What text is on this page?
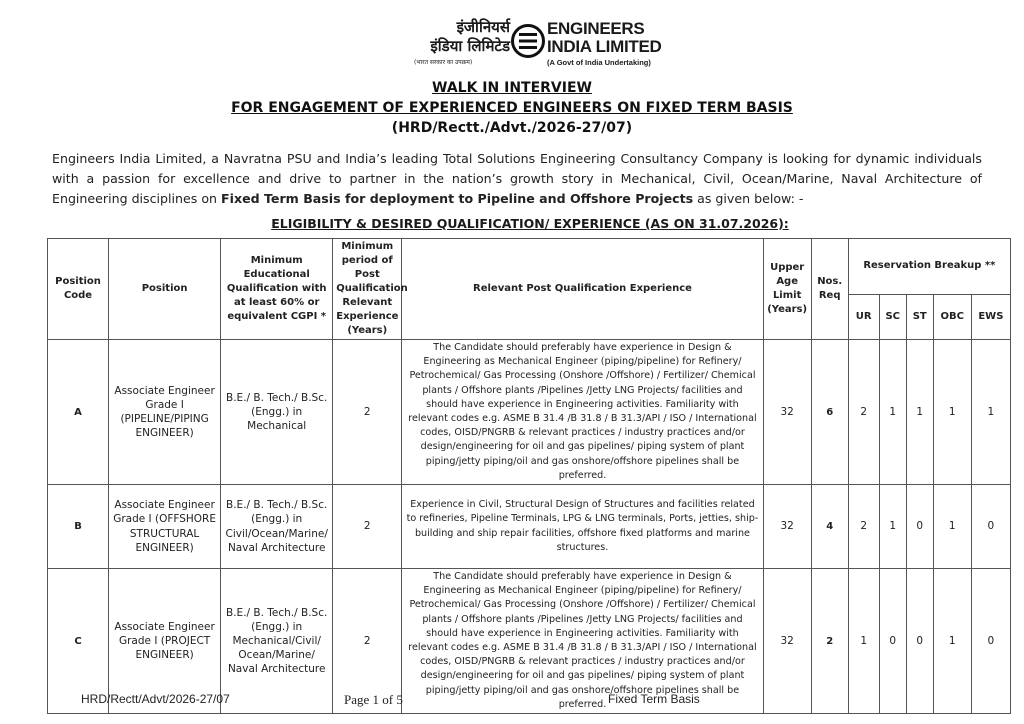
इंजीनियर्स
इंडिया लिमिटेड
(भारत सरकार का उपक्रम)
ENGINEERS
INDIA LIMITED
(A Govt of India Undertaking)
WALK IN INTERVIEW
FOR ENGAGEMENT OF EXPERIENCED ENGINEERS ON FIXED TERM BASIS
(HRD/Rectt./Advt./2026-27/07)
Engineers India Limited, a Navratna PSU and India’s leading Total Solutions Engineering Consultancy Company is looking for dynamic individuals with a passion for excellence and drive to partner in the nation’s growth story in Mechanical, Civil, Ocean/Marine, Naval Architecture of Engineering disciplines on Fixed Term Basis for deployment to Pipeline and Offshore Projects as given below: -
ELIGIBILITY & DESIRED QUALIFICATION/ EXPERIENCE (AS ON 31.07.2026):
Position Code	Position	Minimum Educational Qualification with at least 60% or equivalent CGPI *	Minimum period of Post Qualification Relevant Experience (Years)	Relevant Post Qualification Experience	Upper Age Limit (Years)	Nos. Req	Reservation Breakup **				
							UR	SC	ST	OBC	EWS
A	Associate Engineer Grade I (PIPELINE/PIPING ENGINEER)	B.E./ B. Tech./ B.Sc. (Engg.) in Mechanical	2	The Candidate should preferably have experience in Design & Engineering as Mechanical Engineer (piping/pipeline) for Refinery/ Petrochemical/ Gas Processing (Onshore /Offshore) / Fertilizer/ Chemical plants / Offshore plants /Pipelines /Jetty LNG Projects/ facilities and should have experience in Engineering activities. Familiarity with relevant codes e.g. ASME B 31.4 /B 31.8 / B 31.3/API / ISO / International codes, OISD/PNGRB & relevant practices / industry practices and/or design/engineering for oil and gas pipelines/ piping system of plant piping/jetty piping/oil and gas onshore/offshore pipelines shall be preferred.	32	6	2	1	1	1	1
B	Associate Engineer Grade I (OFFSHORE STRUCTURAL ENGINEER)	B.E./ B. Tech./ B.Sc. (Engg.) in Civil/Ocean/Marine/ Naval Architecture	2	Experience in Civil, Structural Design of Structures and facilities related to refineries, Pipeline Terminals, LPG & LNG terminals, Ports, jetties, ship-building and ship repair facilities, offshore fixed platforms and marine structures.	32	4	2	1	0	1	0
C	Associate Engineer Grade I (PROJECT ENGINEER)	B.E./ B. Tech./ B.Sc. (Engg.) in Mechanical/Civil/ Ocean/Marine/ Naval Architecture	2	The Candidate should preferably have experience in Design & Engineering as Mechanical Engineer (piping/pipeline) for Refinery/ Petrochemical/ Gas Processing (Onshore /Offshore) / Fertilizer/ Chemical plants / Offshore plants /Pipelines /Jetty LNG Projects/ facilities and should have experience in Engineering activities. Familiarity with relevant codes e.g. ASME B 31.4 /B 31.8 / B 31.3/API / ISO / International codes, OISD/PNGRB & relevant practices / industry practices and/or design/engineering for oil and gas pipelines/ piping system of plant piping/jetty piping/oil and gas onshore/offshore pipelines shall be preferred.	32	2	1	0	0	1	0
HRD/Rectt/Advt/2026-27/07	Page 1 of 5	Fixed Term Basis
